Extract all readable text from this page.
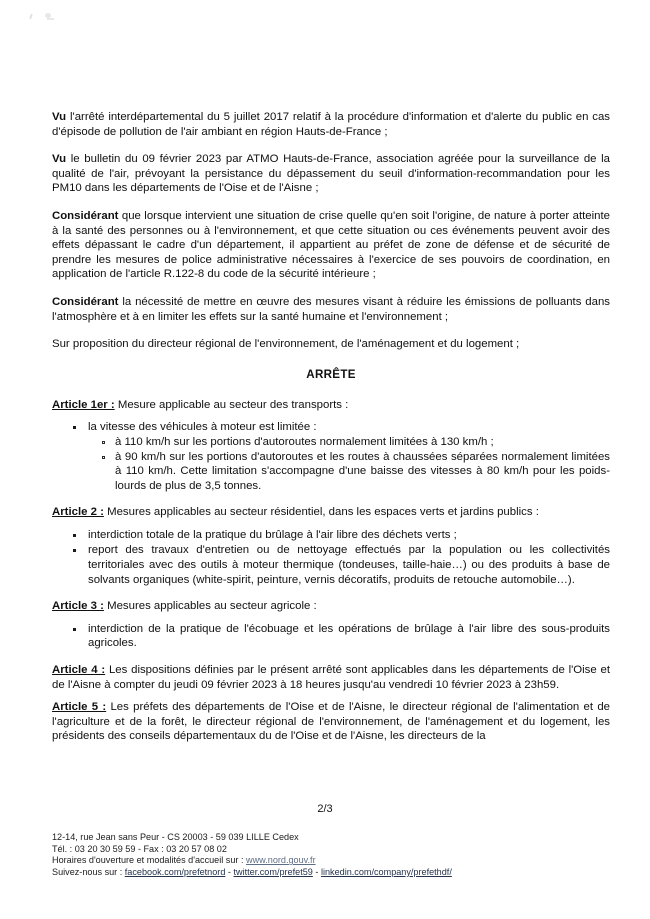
Vu l'arrêté interdépartemental du 5 juillet 2017 relatif à la procédure d'information et d'alerte du public en cas d'épisode de pollution de l'air ambiant en région Hauts-de-France ;

Vu le bulletin du 09 février 2023 par ATMO Hauts-de-France, association agréée pour la surveillance de la qualité de l'air, prévoyant la persistance du dépassement du seuil d'information-recommandation pour les PM10 dans les départements de l'Oise et de l'Aisne ;

Considérant que lorsque intervient une situation de crise quelle qu'en soit l'origine, de nature à porter atteinte à la santé des personnes ou à l'environnement, et que cette situation ou ces événements peuvent avoir des effets dépassant le cadre d'un département, il appartient au préfet de zone de défense et de sécurité de prendre les mesures de police administrative nécessaires à l'exercice de ses pouvoirs de coordination, en application de l'article R.122-8 du code de la sécurité intérieure ;

Considérant la nécessité de mettre en œuvre des mesures visant à réduire les émissions de polluants dans l'atmosphère et à en limiter les effets sur la santé humaine et l'environnement ;

Sur proposition du directeur régional de l'environnement, de l'aménagement et du logement ;

ARRÊTE

Article 1er : Mesure applicable au secteur des transports :

la vitesse des véhicules à moteur est limitée :
à 110 km/h sur les portions d'autoroutes normalement limitées à 130 km/h ;
à 90 km/h sur les portions d'autoroutes et les routes à chaussées séparées normalement limitées à 110 km/h. Cette limitation s'accompagne d'une baisse des vitesses à 80 km/h pour les poids-lourds de plus de 3,5 tonnes.

Article 2 : Mesures applicables au secteur résidentiel, dans les espaces verts et jardins publics :

interdiction totale de la pratique du brûlage à l'air libre des déchets verts ;
report des travaux d'entretien ou de nettoyage effectués par la population ou les collectivités territoriales avec des outils à moteur thermique (tondeuses, taille-haie…) ou des produits à base de solvants organiques (white-spirit, peinture, vernis décoratifs, produits de retouche automobile…).

Article 3 : Mesures applicables au secteur agricole :

interdiction de la pratique de l'écobuage et les opérations de brûlage à l'air libre des sous-produits agricoles.

Article 4 : Les dispositions définies par le présent arrêté sont applicables dans les départements de l'Oise et de l'Aisne à compter du jeudi 09 février 2023 à 18 heures jusqu'au vendredi 10 février 2023 à 23h59.

Article 5 : Les préfets des départements de l'Oise et de l'Aisne, le directeur régional de l'alimentation et de l'agriculture et de la forêt, le directeur régional de l'environnement, de l'aménagement et du logement, les présidents des conseils départementaux du de l'Oise et de l'Aisne, les directeurs de la

2/3
12-14, rue Jean sans Peur - CS 20003 - 59 039 LILLE Cedex
Tél. : 03 20 30 59 59 - Fax : 03 20 57 08 02
Horaires d'ouverture et modalités d'accueil sur : www.nord.gouv.fr
Suivez-nous sur : facebook.com/prefetnord - twitter.com/prefet59 - linkedin.com/company/prefethdf/
